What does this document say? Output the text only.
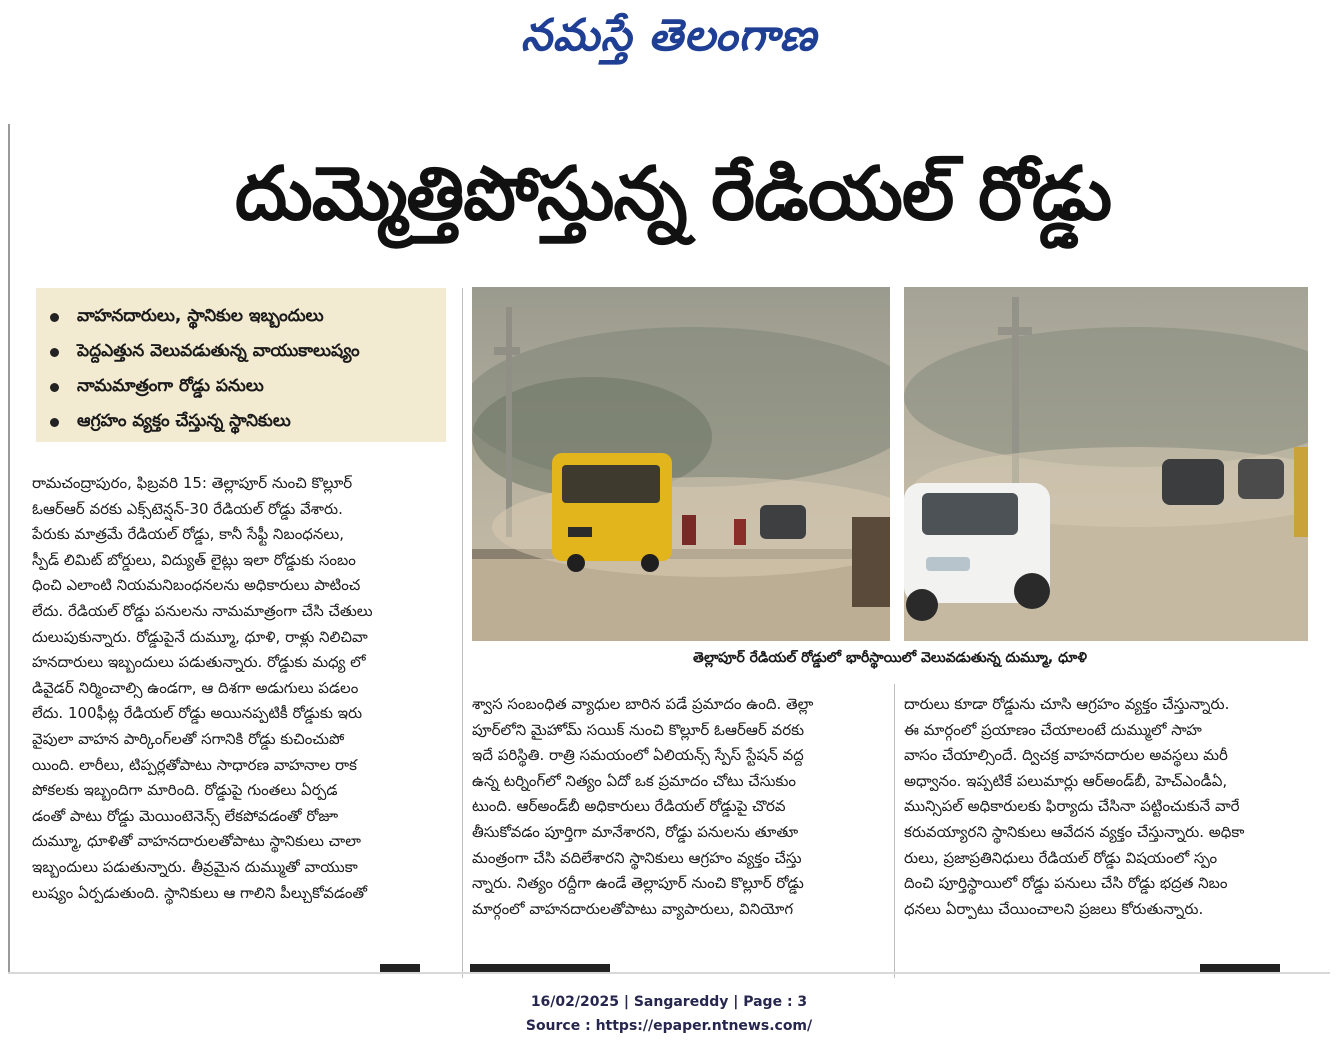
నమస్తే తెలంగాణ
దుమ్మెత్తిపోస్తున్న రేడియల్ రోడ్డు
వాహనదారులు, స్థానికుల ఇబ్బందులు
పెద్దఎత్తున వెలువడుతున్న వాయుకాలుష్యం
నామమాత్రంగా రోడ్డు పనులు
ఆగ్రహం వ్యక్తం చేస్తున్న స్థానికులు
తెల్లాపూర్ రేడియల్ రోడ్డులో భారీస్థాయిలో వెలువడుతున్న దుమ్మూ, ధూళి

రామచంద్రాపురం, ఫిబ్రవరి 15: తెల్లాపూర్ నుంచి కొల్లూర్

ఓఆర్ఆర్ వరకు ఎక్స్‌టెన్షన్-30 రేడియల్ రోడ్డు వేశారు.

పేరుకు మాత్రమే రేడియల్ రోడ్డు, కానీ సేఫ్టీ నిబంధనలు,

స్పీడ్ లిమిట్ బోర్డులు, విద్యుత్ లైట్లు ఇలా రోడ్డుకు సంబం

ధించి ఎలాంటి నియమనిబంధనలను అధికారులు పాటించ

లేదు. రేడియల్ రోడ్డు పనులను నామమాత్రంగా చేసి చేతులు

దులుపుకున్నారు. రోడ్డుపైనే దుమ్మూ, ధూళి, రాళ్లు నిలిచివా

హనదారులు ఇబ్బందులు పడుతున్నారు. రోడ్డుకు మధ్య లో

డివైడర్ నిర్మించాల్సి ఉండగా, ఆ దిశగా అడుగులు పడలం

లేదు. 100ఫీట్ల రేడియల్ రోడ్డు అయినప్పటికీ రోడ్డుకు ఇరు

వైపులా వాహన పార్కింగ్‌లతో సగానికి రోడ్డు కుచించుపో

యింది. లారీలు, టిప్పర్లతోపాటు సాధారణ వాహనాల రాక

పోకలకు ఇబ్బందిగా మారింది. రోడ్డుపై గుంతలు ఏర్పడ

డంతో పాటు రోడ్డు మెయింటెనెన్స్ లేకపోవడంతో రోజూ

దుమ్మూ, ధూళితో వాహనదారులతోపాటు స్థానికులు చాలా

ఇబ్బందులు పడుతున్నారు. తీవ్రమైన దుమ్ముతో వాయుకా

లుష్యం ఏర్పడుతుంది. స్థానికులు ఆ గాలిని పీల్చుకోవడంతో

శ్వాస సంబంధిత వ్యాధుల బారిన పడే ప్రమాదం ఉంది. తెల్లా

పూర్‌లోని మైహోమ్ సయిక్ నుంచి కొల్లూర్ ఓఆర్ఆర్ వరకు

ఇదే పరిస్థితి. రాత్రి సమయంలో ఏలియన్స్ స్పేస్ స్టేషన్ వద్ద

ఉన్న టర్నింగ్‌లో నిత్యం ఏదో ఒక ప్రమాదం చోటు చేసుకుం

టుంది. ఆర్అండ్‌బీ అధికారులు రేడియల్ రోడ్డుపై చొరవ

తీసుకోవడం పూర్తిగా మానేశారని, రోడ్డు పనులను తూతూ

మంత్రంగా చేసి వదిలేశారని స్థానికులు ఆగ్రహం వ్యక్తం చేస్తు

న్నారు. నిత్యం రద్దీగా ఉండే తెల్లాపూర్ నుంచి కొల్లూర్ రోడ్డు

మార్గంలో వాహనదారులతోపాటు వ్యాపారులు, వినియోగ

దారులు కూడా రోడ్డును చూసి ఆగ్రహం వ్యక్తం చేస్తున్నారు.

ఈ మార్గంలో ప్రయాణం చేయాలంటే దుమ్ములో సాహ

వాసం చేయాల్సిందే. ద్విచక్ర వాహనదారుల అవస్థలు మరీ

అధ్వానం. ఇప్పటికే పలుమార్లు ఆర్అండ్‌బీ, హెచ్ఎండీఏ,

మున్సిపల్ అధికారులకు ఫిర్యాదు చేసినా పట్టించుకునే వారే

కరువయ్యారని స్థానికులు ఆవేదన వ్యక్తం చేస్తున్నారు. అధికా

రులు, ప్రజాప్రతినిధులు రేడియల్ రోడ్డు విషయంలో స్పం

దించి పూర్తిస్థాయిలో రోడ్డు పనులు చేసి రోడ్డు భద్రత నిబం

ధనలు ఏర్పాటు చేయించాలని ప్రజలు కోరుతున్నారు.

16/02/2025 | Sangareddy | Page : 3
Source : https://epaper.ntnews.com/
